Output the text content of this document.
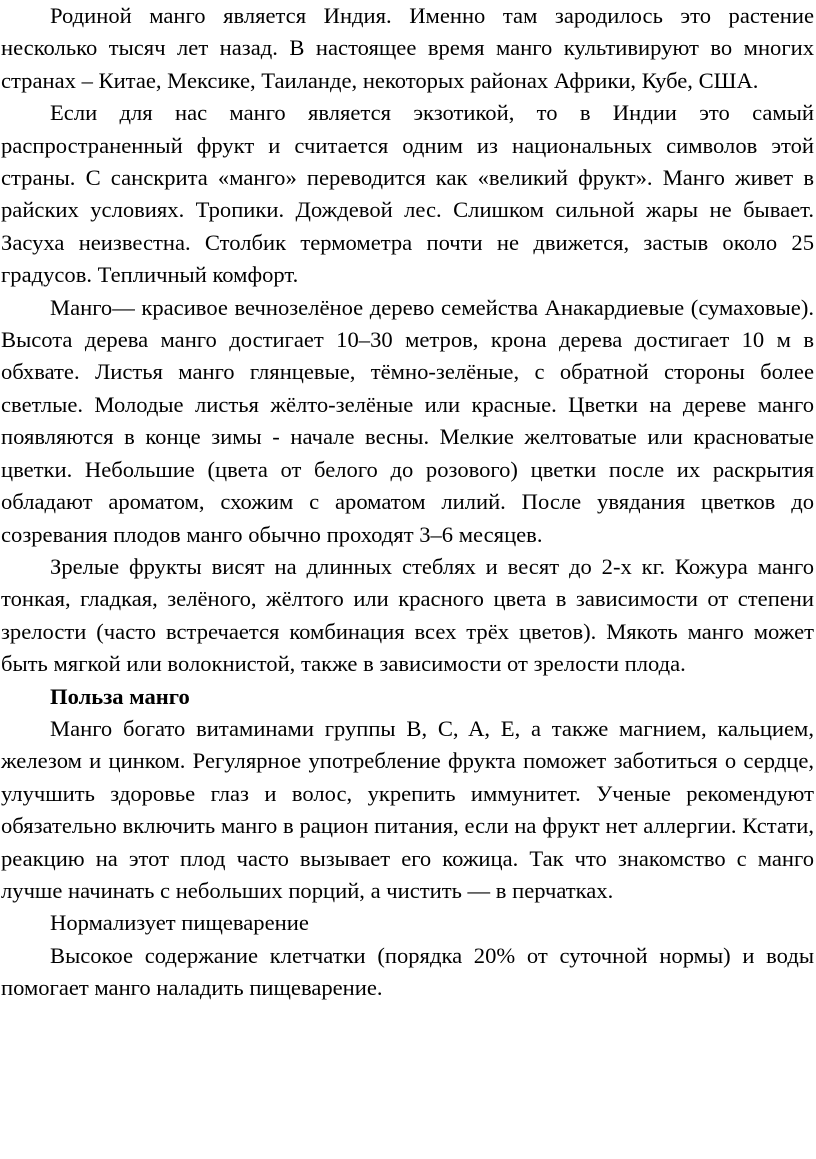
Родиной манго является Индия. Именно там зародилось это растение несколько тысяч лет назад. В настоящее время манго культивируют во многих странах – Китае, Мексике, Таиланде, некоторых районах Африки, Кубе, США.

Если для нас манго является экзотикой, то в Индии это самый распространенный фрукт и считается одним из национальных символов этой страны. С санскрита «манго» переводится как «великий фрукт». Манго живет в райских условиях. Тропики. Дождевой лес. Слишком сильной жары не бывает. Засуха неизвестна. Столбик термометра почти не движется, застыв около 25 градусов. Тепличный комфорт.

Манго— красивое вечнозелёное дерево семейства Анакардиевые (сумаховые). Высота дерева манго достигает 10–30 метров, крона дерева достигает 10 м в обхвате. Листья манго глянцевые, тёмно-зелёные, с обратной стороны более светлые. Молодые листья жёлто-зелёные или красные. Цветки на дереве манго появляются в конце зимы - начале весны. Мелкие желтоватые или красноватые цветки. Небольшие (цвета от белого до розового) цветки после их раскрытия обладают ароматом, схожим с ароматом лилий. После увядания цветков до созревания плодов манго обычно проходят 3–6 месяцев.

Зрелые фрукты висят на длинных стеблях и весят до 2-х кг. Кожура манго тонкая, гладкая, зелёного, жёлтого или красного цвета в зависимости от степени зрелости (часто встречается комбинация всех трёх цветов). Мякоть манго может быть мягкой или волокнистой, также в зависимости от зрелости плода.

Польза манго

Манго богато витаминами группы B, C, A, E, а также магнием, кальцием, железом и цинком. Регулярное употребление фрукта поможет заботиться о сердце, улучшить здоровье глаз и волос, укрепить иммунитет. Ученые рекомендуют обязательно включить манго в рацион питания, если на фрукт нет аллергии. Кстати, реакцию на этот плод часто вызывает его кожица. Так что знакомство с манго лучше начинать с небольших порций, а чистить — в перчатках.

Нормализует пищеварение

Высокое содержание клетчатки (порядка 20% от суточной нормы) и воды помогает манго наладить пищеварение.
